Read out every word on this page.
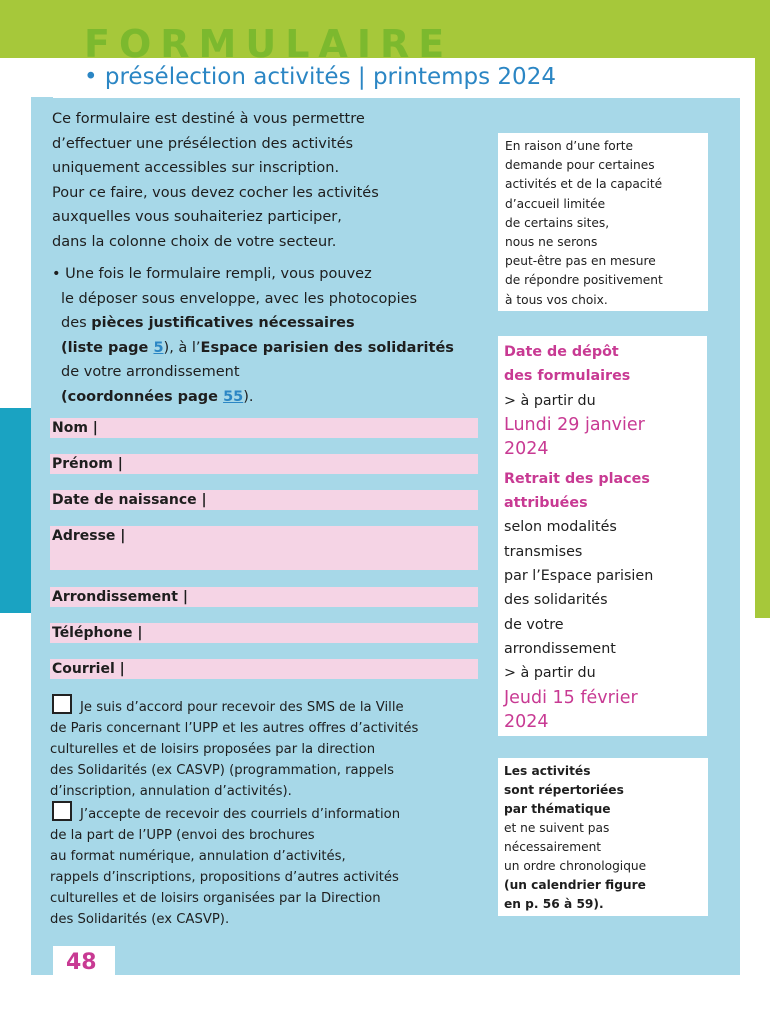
FORMULAIRE
• présélection activités | printemps 2024

Ce formulaire est destiné à vous permettre

d’effectuer une présélection des activités

uniquement accessibles sur inscription.

Pour ce faire, vous devez cocher les activités

auxquelles vous souhaiteriez participer,

dans la colonne choix de votre secteur.

• Une fois le formulaire rempli, vous pouvez
le déposer sous enveloppe, avec les photocopies
des pièces justificatives nécessaires
(liste page 5), à l’Espace parisien des solidarités
de votre arrondissement
(coordonnées page 55).
Nom |
Prénom |
Date de naissance |
Adresse |
Arrondissement |
Téléphone |
Courriel |
Je suis d’accord pour recevoir des SMS de la Ville
de Paris concernant l’UPP et les autres offres d’activités
culturelles et de loisirs proposées par la direction
des Solidarités (ex CASVP) (programmation, rappels
d’inscription, annulation d’activités).
J’accepte de recevoir des courriels d’information
de la part de l’UPP (envoi des brochures
au format numérique, annulation d’activités,
rappels d’inscriptions, propositions d’autres activités
culturelles et de loisirs organisées par la Direction
des Solidarités (ex CASVP).
En raison d’une forte
demande pour certaines
activités et de la capacité
d’accueil limitée
de certains sites,
nous ne serons
peut-être pas en mesure
de répondre positivement
à tous vos choix.
Date de dépôt
des formulaires
> à partir du
Lundi 29 janvier
2024
Retrait des places
attribuées
selon modalités
transmises
par l’Espace parisien
des solidarités
de votre
arrondissement
> à partir du
Jeudi 15 février
2024
Les activités
sont répertoriées
par thématique
et ne suivent pas
nécessairement
un ordre chronologique
(un calendrier figure
en p. 56 à 59).
48
